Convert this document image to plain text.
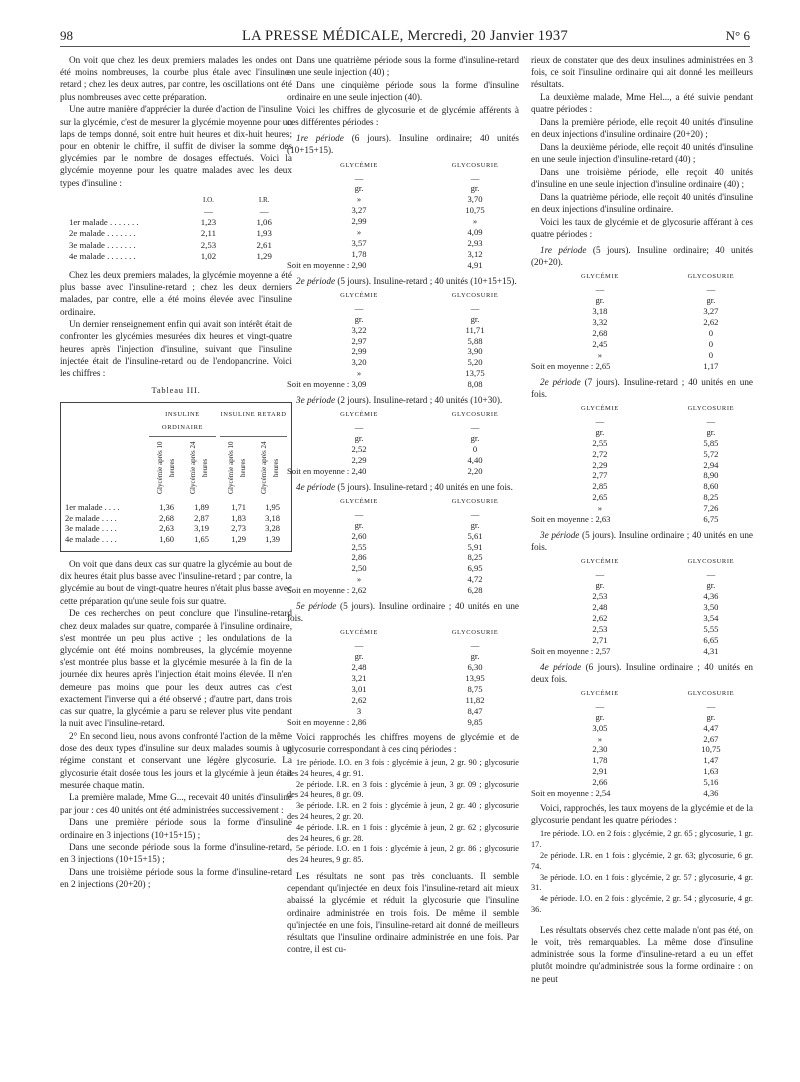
98	LA PRESSE MÉDICALE, Mercredi, 20 Janvier 1937	N° 6

On voit que chez les deux premiers malades les ondes ont été moins nombreuses, la courbe plus étale avec l'insuline-retard ; chez les deux autres, par contre, les oscillations ont été plus nombreuses avec cette préparation.

Une autre manière d'apprécier la durée d'action de l'insuline sur la glycémie, c'est de mesurer la glycémie moyenne pour un laps de temps donné, soit entre huit heures et dix-huit heures; pour en obtenir le chiffre, il suffit de diviser la somme des glycémies par le nombre de dosages effectués. Voici la glycémie moyenne pour les quatre malades avec les deux types d'insuline :

	I.O.	I.R.
	—	—
1er malade . . . . . . .	1,23	1,06
2e malade . . . . . . .	2,11	1,93
3e malade . . . . . . .	2,53	2,61
4e malade . . . . . . .	1,02	1,29

Chez les deux premiers malades, la glycémie moyenne a été plus basse avec l'insuline-retard ; chez les deux derniers malades, par contre, elle a été moins élevée avec l'insuline ordinaire.

Un dernier renseignement enfin qui avait son intérêt était de confronter les glycémies mesurées dix heures et vingt-quatre heures après l'injection d'insuline, suivant que l'insuline injectée était de l'insuline-retard ou de l'endopancrine. Voici les chiffres :

Tableau III.
INSULINE ORDINAIRE
INSULINE RETARD
Glycémie après 10 heures	Glycémie après 24 heures	Glycémie après 10 heures	Glycémie après 24 heures
1er malade . . . .	1,36	1,89	1,71	1,95
2e malade . . . .	2,68	2,87	1,83	3,18
3e malade . . . .	2,63	3,19	2,73	3,28
4e malade . . . .	1,60	1,65	1,29	1,39

On voit que dans deux cas sur quatre la glycémie au bout de dix heures était plus basse avec l'insuline-retard ; par contre, la glycémie au bout de vingt-quatre heures n'était plus basse avec cette préparation qu'une seule fois sur quatre.

De ces recherches on peut conclure que l'insuline-retard chez deux malades sur quatre, comparée à l'insuline ordinaire, s'est montrée un peu plus active ; les ondulations de la glycémie ont été moins nombreuses, la glycémie moyenne s'est montrée plus basse et la glycémie mesurée à la fin de la journée dix heures après l'injection était moins élevée. Il n'en demeure pas moins que pour les deux autres cas c'est exactement l'inverse qui a été observé ; d'autre part, dans trois cas sur quatre, la glycémie a paru se relever plus vite pendant la nuit avec l'insuline-retard.

2° En second lieu, nous avons confronté l'action de la même dose des deux types d'insuline sur deux malades soumis à un régime constant et conservant une légère glycosurie. La glycosurie était dosée tous les jours et la glycémie à jeun était mesurée chaque matin.

La première malade, Mme G..., recevait 40 unités d'insuline par jour : ces 40 unités ont été administrées successivement :

Dans une première période sous la forme d'insuline ordinaire en 3 injections (10+15+15) ;

Dans une seconde période sous la forme d'insuline-retard, en 3 injections (10+15+15) ;

Dans une troisième période sous la forme d'insuline-retard en 2 injections (20+20) ;

Dans une quatrième période sous la forme d'insuline-retard en une seule injection (40) ;

Dans une cinquième période sous la forme d'insuline ordinaire en une seule injection (40).

Voici les chiffres de glycosurie et de glycémie afférents à ces différentes périodes :

1re période (6 jours). Insuline ordinaire; 40 unités (10+15+15).

GLYCÉMIE	GLYCOSURIE
—	—
gr.	gr.
»	3,70
3,27	10,75
2,99	»
»	4,09
3,57	2,93
1,78	3,12
Soit en moyenne : 2,90	4,91

2e période (5 jours). Insuline-retard ; 40 unités (10+15+15).

GLYCÉMIE	GLYCOSURIE
—	—
gr.	gr.
3,22	11,71
2,97	5,88
2,99	3,90
3,20	5,20
»	13,75
Soit en moyenne : 3,09	8,08

3e période (2 jours). Insuline-retard ; 40 unités (10+30).

GLYCÉMIE	GLYCOSURIE
—	—
gr.	gr.
2,52	0
2,29	4,40
Soit en moyenne : 2,40	2,20

4e période (5 jours). Insuline-retard ; 40 unités en une fois.

GLYCÉMIE	GLYCOSURIE
—	—
gr.	gr.
2,60	5,61
2,55	5,91
2,86	8,25
2,50	6,95
»	4,72
Soit en moyenne : 2,62	6,28

5e période (5 jours). Insuline ordinaire ; 40 unités en une fois.

GLYCÉMIE	GLYCOSURIE
—	—
gr.	gr.
2,48	6,30
3,21	13,95
3,01	8,75
2,62	11,82
3	8,47
Soit en moyenne : 2,86	9,85

Voici rapprochés les chiffres moyens de glycémie et de glycosurie correspondant à ces cinq périodes :

1re période. I.O. en 3 fois : glycémie à jeun, 2 gr. 90 ; glycosurie des 24 heures, 4 gr. 91.

2e période. I.R. en 3 fois : glycémie à jeun, 3 gr. 09 ; glycosurie des 24 heures, 8 gr. 09.

3e période. I.R. en 2 fois : glycémie à jeun, 2 gr. 40 ; glycosurie des 24 heures, 2 gr. 20.

4e période. I.R. en 1 fois : glycémie à jeun, 2 gr. 62 ; glycosurie des 24 heures, 6 gr. 28.

5e période. I.O. en 1 fois : glycémie à jeun, 2 gr. 86 ; glycosurie des 24 heures, 9 gr. 85.

Les résultats ne sont pas très concluants. Il semble cependant qu'injectée en deux fois l'insuline-retard ait mieux abaissé la glycémie et réduit la glycosurie que l'insuline ordinaire administrée en trois fois. De même il semble qu'injectée en une fois, l'insuline-retard ait donné de meilleurs résultats que l'insuline ordinaire administrée en une fois. Par contre, il est cu-

rieux de constater que des deux insulines administrées en 3 fois, ce soit l'insuline ordinaire qui ait donné les meilleurs résultats.

La deuxième malade, Mme Hel..., a été suivie pendant quatre périodes :

Dans la première période, elle reçoit 40 unités d'insuline en deux injections d'insuline ordinaire (20+20) ;

Dans la deuxième période, elle reçoit 40 unités d'insuline en une seule injection d'insuline-retard (40) ;

Dans une troisième période, elle reçoit 40 unités d'insuline en une seule injection d'insuline ordinaire (40) ;

Dans la quatrième période, elle reçoit 40 unités d'insuline en deux injections d'insuline ordinaire.

Voici les taux de glycémie et de glycosurie afférant à ces quatre périodes :

1re période (5 jours). Insuline ordinaire; 40 unités (20+20).

GLYCÉMIE	GLYCOSURIE
—	—
gr.	gr.
3,18	3,27
3,32	2,62
2,68	0
2,45	0
»	0
Soit en moyenne : 2,65	1,17

2e période (7 jours). Insuline-retard ; 40 unités en une fois.

GLYCÉMIE	GLYCOSURIE
—	—
gr.	gr.
2,55	5,85
2,72	5,72
2,29	2,94
2,77	8,90
2,85	8,60
2,65	8,25
»	7,26
Soit en moyenne : 2,63	6,75

3e période (5 jours). Insuline ordinaire ; 40 unités en une fois.

GLYCÉMIE	GLYCOSURIE
—	—
gr.	gr.
2,53	4,36
2,48	3,50
2,62	3,54
2,53	5,55
2,71	6,65
Soit en moyenne : 2,57	4,31

4e période (6 jours). Insuline ordinaire ; 40 unités en deux fois.

GLYCÉMIE	GLYCOSURIE
—	—
gr.	gr.
3,05	4,47
»	2,67
2,30	10,75
1,78	1,47
2,91	1,63
2,66	5,16
Soit en moyenne : 2,54	4,36

Voici, rapprochés, les taux moyens de la glycémie et de la glycosurie pendant les quatre périodes :

1re période. I.O. en 2 fois : glycémie, 2 gr. 65 ; glycosurie, 1 gr. 17.

2e période. I.R. en 1 fois : glycémie, 2 gr. 63; glycosurie, 6 gr. 74.

3e période. I.O. en 1 fois : glycémie, 2 gr. 57 ; glycosurie, 4 gr. 31.

4e période. I.O. en 2 fois : glycémie, 2 gr. 54 ; glycosurie, 4 gr. 36.

Les résultats observés chez cette malade n'ont pas été, on le voit, très remarquables. La même dose d'insuline administrée sous la forme d'insuline-retard a eu un effet plutôt moindre qu'administrée sous la forme ordinaire : on ne peut
